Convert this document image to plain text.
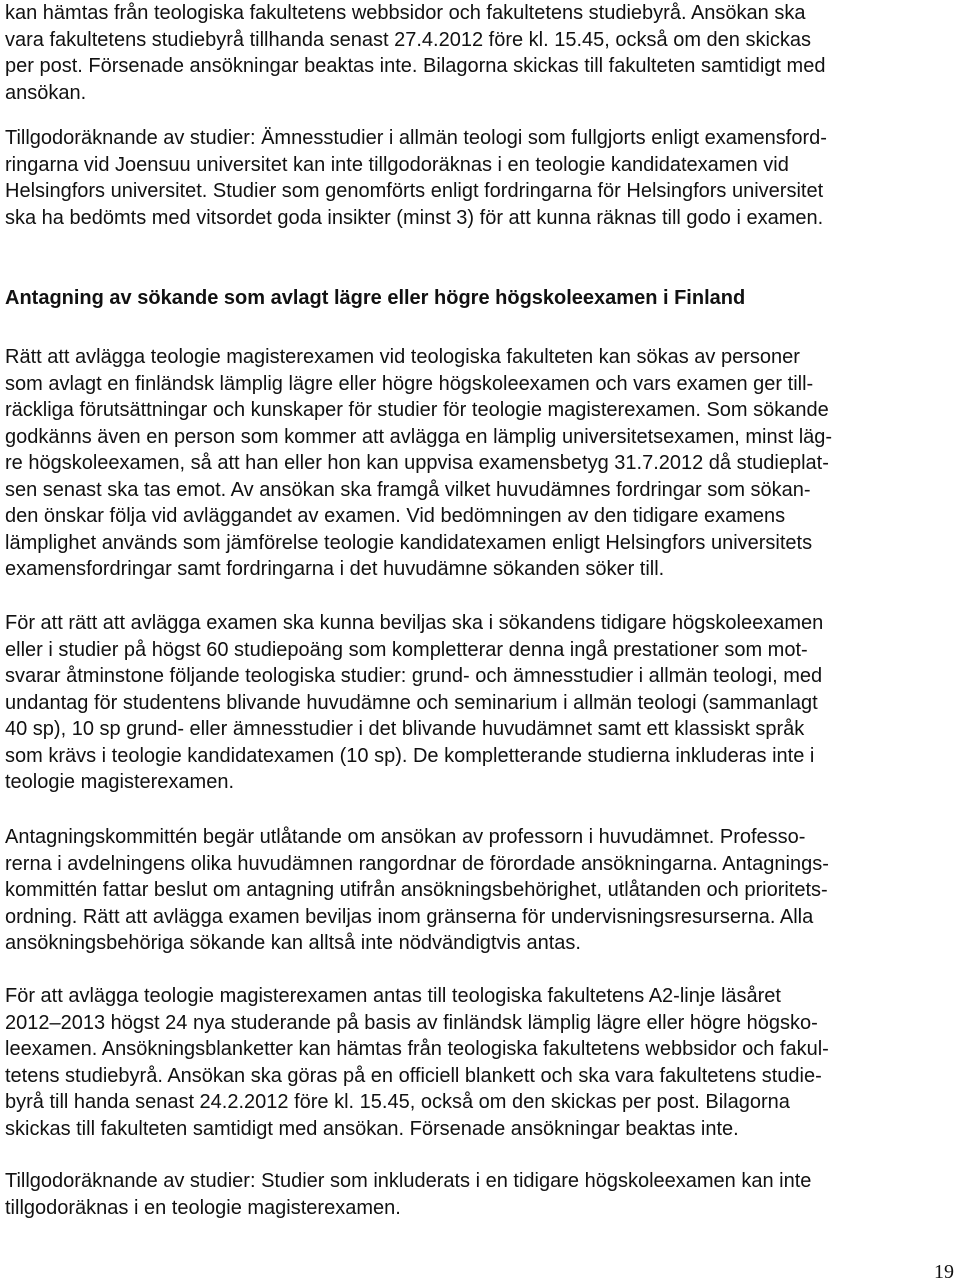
kan hämtas från teologiska fakultetens webbsidor och fakultetens studiebyrå. Ansökan ska
vara fakultetens studiebyrå tillhanda senast 27.4.2012 före kl. 15.45, också om den skickas
per post. Försenade ansökningar beaktas inte. Bilagorna skickas till fakulteten samtidigt med
ansökan.
Tillgodoräknande av studier: Ämnesstudier i allmän teologi som fullgjorts enligt examensford-
ringarna vid Joensuu universitet kan inte tillgodoräknas i en teologie kandidatexamen vid
Helsingfors universitet. Studier som genomförts enligt fordringarna för Helsingfors universitet
ska ha bedömts med vitsordet goda insikter (minst 3) för att kunna räknas till godo i examen.
Antagning av sökande som avlagt lägre eller högre högskoleexamen i Finland
Rätt att avlägga teologie magisterexamen vid teologiska fakulteten kan sökas av personer
som avlagt en finländsk lämplig lägre eller högre högskoleexamen och vars examen ger till-
räckliga förutsättningar och kunskaper för studier för teologie magisterexamen. Som sökande
godkänns även en person som kommer att avlägga en lämplig universitetsexamen, minst läg-
re högskoleexamen, så att han eller hon kan uppvisa examensbetyg 31.7.2012 då studieplat-
sen senast ska tas emot. Av ansökan ska framgå vilket huvudämnes fordringar som sökan-
den önskar följa vid avläggandet av examen. Vid bedömningen av den tidigare examens
lämplighet används som jämförelse teologie kandidatexamen enligt Helsingfors universitets
examensfordringar samt fordringarna i det huvudämne sökanden söker till.
För att rätt att avlägga examen ska kunna beviljas ska i sökandens tidigare högskoleexamen
eller i studier på högst 60 studiepoäng som kompletterar denna ingå prestationer som mot-
svarar åtminstone följande teologiska studier: grund- och ämnesstudier i allmän teologi, med
undantag för studentens blivande huvudämne och seminarium i allmän teologi (sammanlagt
40 sp), 10 sp grund- eller ämnesstudier i det blivande huvudämnet samt ett klassiskt språk
som krävs i teologie kandidatexamen (10 sp). De kompletterande studierna inkluderas inte i
teologie magisterexamen.
Antagningskommittén begär utlåtande om ansökan av professorn i huvudämnet. Professo-
rerna i avdelningens olika huvudämnen rangordnar de förordade ansökningarna. Antagnings-
kommittén fattar beslut om antagning utifrån ansökningsbehörighet, utlåtanden och prioritets-
ordning. Rätt att avlägga examen beviljas inom gränserna för undervisningsresurserna. Alla
ansökningsbehöriga sökande kan alltså inte nödvändigtvis antas.
För att avlägga teologie magisterexamen antas till teologiska fakultetens A2-linje läsåret
2012–2013 högst 24 nya studerande på basis av finländsk lämplig lägre eller högre högsko-
leexamen. Ansökningsblanketter kan hämtas från teologiska fakultetens webbsidor och fakul-
tetens studiebyrå. Ansökan ska göras på en officiell blankett och ska vara fakultetens studie-
byrå till handa senast 24.2.2012 före kl. 15.45, också om den skickas per post. Bilagorna
skickas till fakulteten samtidigt med ansökan. Försenade ansökningar beaktas inte.
Tillgodoräknande av studier: Studier som inkluderats i en tidigare högskoleexamen kan inte
tillgodoräknas i en teologie magisterexamen.
19
